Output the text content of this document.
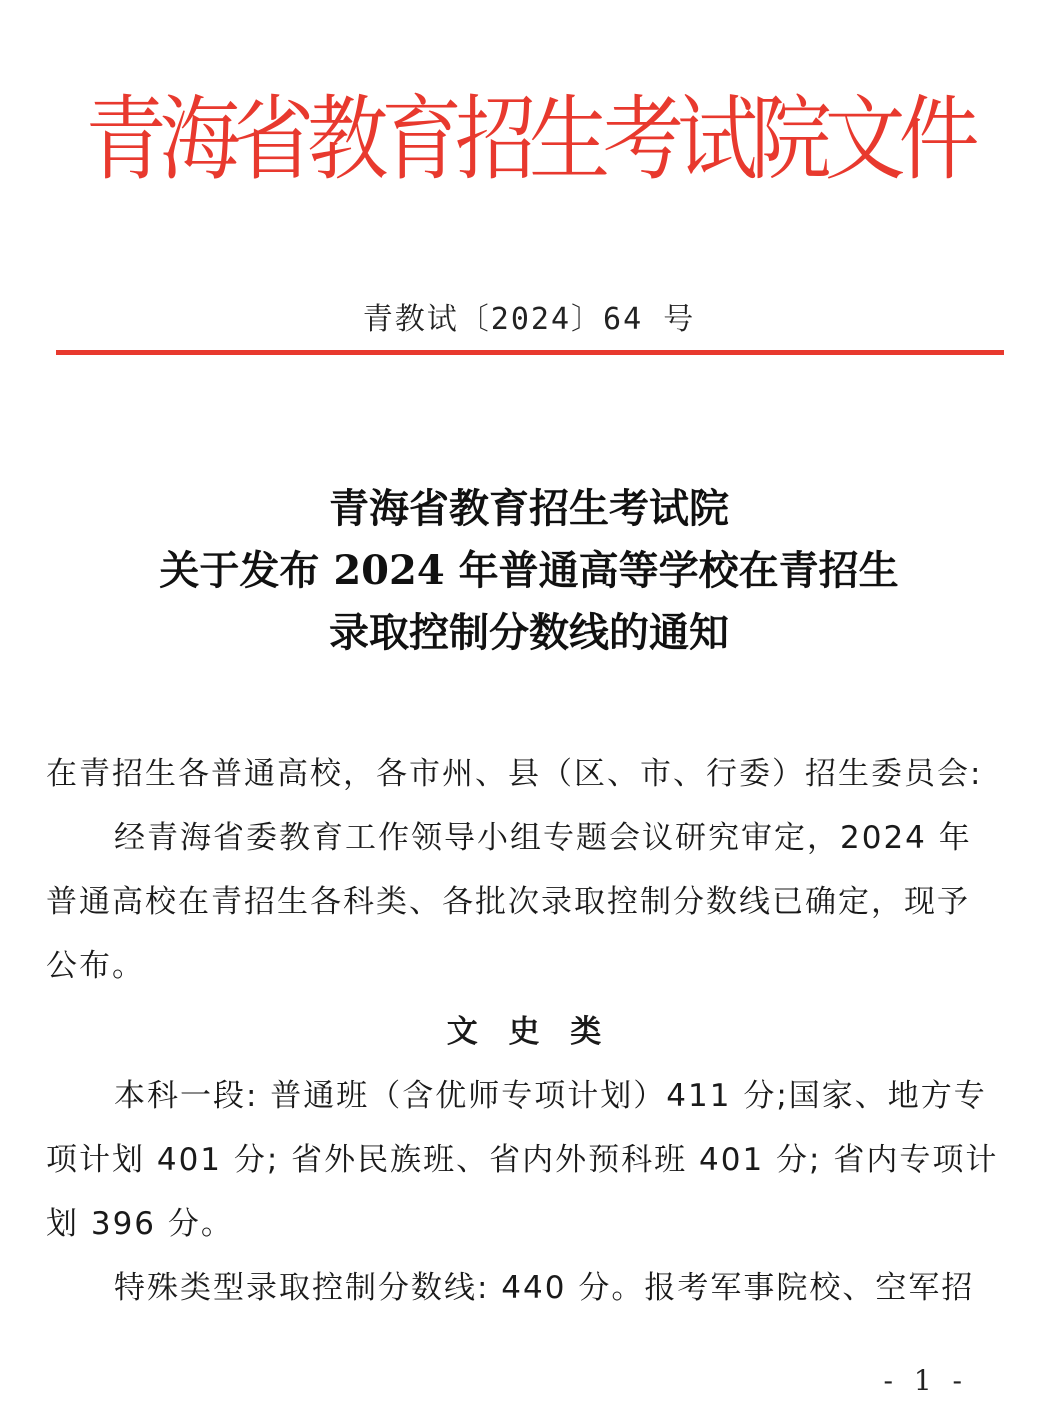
青海省教育招生考试院文件
青教试〔2024〕64 号
青海省教育招生考试院
关于发布 2024 年普通高等学校在青招生
录取控制分数线的通知
在青招生各普通高校，各市州、县（区、市、行委）招生委员会:
经青海省委教育工作领导小组专题会议研究审定，2024 年
普通高校在青招生各科类、各批次录取控制分数线已确定，现予
公布。
文 史 类
本科一段: 普通班（含优师专项计划）411 分;国家、地方专
项计划 401 分; 省外民族班、省内外预科班 401 分; 省内专项计
划 396 分。
特殊类型录取控制分数线: 440 分。报考军事院校、空军招
- 1 -
